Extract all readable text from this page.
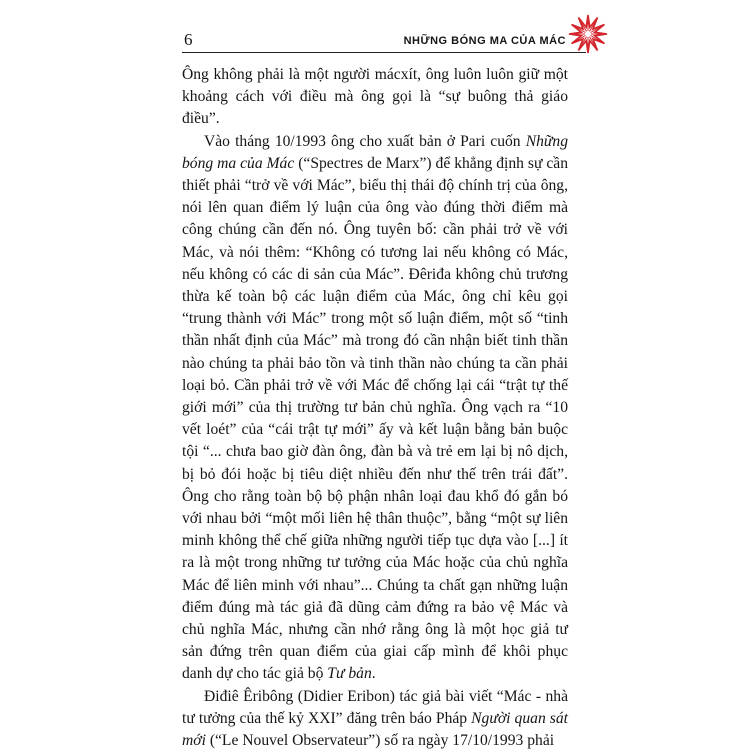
6	NHỮNG BÓNG MA CỦA MÁC

Ông không phải là một người mácxít, ông luôn luôn giữ một khoảng cách với điều mà ông gọi là “sự buông thả giáo điều”.

Vào tháng 10/1993 ông cho xuất bản ở Pari cuốn Những bóng ma của Mác (“Spectres de Marx”) để khẳng định sự cần thiết phải “trở về với Mác”, biểu thị thái độ chính trị của ông, nói lên quan điểm lý luận của ông vào đúng thời điểm mà công chúng cần đến nó. Ông tuyên bố: cần phải trở về với Mác, và nói thêm: “Không có tương lai nếu không có Mác, nếu không có các di sản của Mác”. Đêriđa không chủ trương thừa kế toàn bộ các luận điểm của Mác, ông chỉ kêu gọi “trung thành với Mác” trong một số luận điểm, một số “tinh thần nhất định của Mác” mà trong đó cần nhận biết tinh thần nào chúng ta phải bảo tồn và tinh thần nào chúng ta cần phải loại bỏ. Cần phải trở về với Mác để chống lại cái “trật tự thế giới mới” của thị trường tư bản chủ nghĩa. Ông vạch ra “10 vết loét” của “cái trật tự mới” ấy và kết luận bằng bản buộc tội “... chưa bao giờ đàn ông, đàn bà và trẻ em lại bị nô dịch, bị bỏ đói hoặc bị tiêu diệt nhiều đến như thế trên trái đất”. Ông cho rằng toàn bộ bộ phận nhân loại đau khổ đó gắn bó với nhau bởi “một mối liên hệ thân thuộc”, bằng “một sự liên minh không thể chế giữa những người tiếp tục dựa vào [...] ít ra là một trong những tư tưởng của Mác hoặc của chủ nghĩa Mác để liên minh với nhau”... Chúng ta chất gạn những luận điểm đúng mà tác giả đã dũng cảm đứng ra bảo vệ Mác và chủ nghĩa Mác, nhưng cần nhớ rằng ông là một học giả tư sản đứng trên quan điểm của giai cấp mình để khôi phục danh dự cho tác giả bộ Tư bản.

Điđiê Êribông (Didier Eribon) tác giả bài viết “Mác - nhà tư tưởng của thế kỷ XXI” đăng trên báo Pháp Người quan sát mới (“Le Nouvel Observateur”) số ra ngày 17/10/1993 phải
